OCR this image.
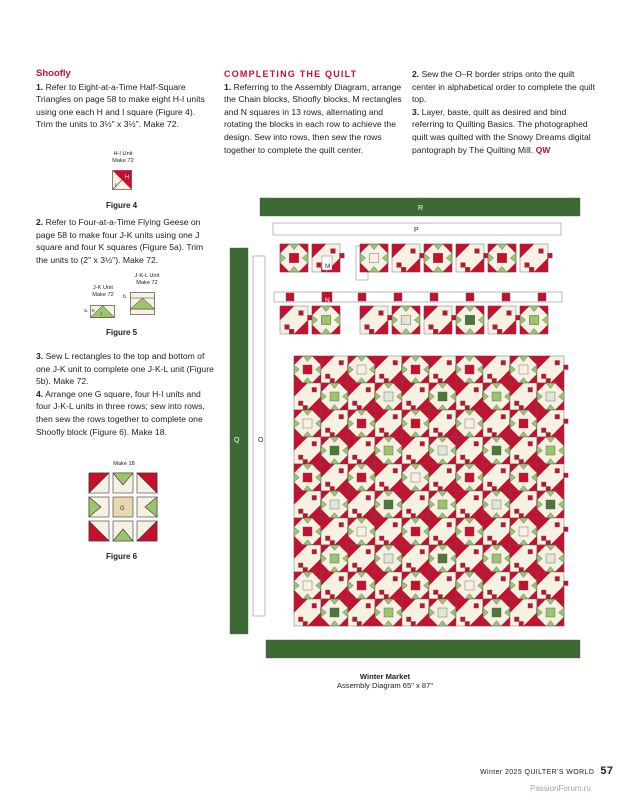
Shoofly

1. Refer to Eight-at-a-Time Half-Square Triangles on page 58 to make eight H-I units using one each H and I square (Figure 4). Trim the units to 3½" x 3½". Make 72.

H-I Unit
Make 72
H
I
Figure 4

2. Refer to Four-at-a-Time Flying Geese on page 58 to make four J-K units using one J square and four K squares (Figure 5a). Trim the units to (2" x 3½"). Make 72.

J-K Unit
Make 72
J-K-L Unit
Make 72
a. K
J
b.
Figure 5

3. Sew L rectangles to the top and bottom of one J-K unit to complete one J-K-L unit (Figure 5b). Make 72.

4. Arrange one G square, four H-I units and four J-K-L units in three rows; sew into rows, then sew the rows together to complete one Shoofly block (Figure 6). Make 18.

Make 18
G
Figure 6

COMPLETING THE QUILT

1. Referring to the Assembly Diagram, arrange the Chain blocks, Shoofly blocks, M rectangles and N squares in 13 rows, alternating and rotating the blocks in each row to achieve the design. Sew into rows, then sew the rows together to complete the quilt center.

2. Sew the O–R border strips onto the quilt center in alphabetical order to complete the quilt top.

3. Layer, baste, quilt as desired and bind referring to Quilting Basics. The photographed quilt was quilted with the Snowy Dreams digital pantograph by The Quilting Mill. QW

R
P
Q	O
M
N
Winter Market
Assembly Diagram 65" x 87"
Winter 2025 QUILTER'S WORLD 57
PassionForum.ru
